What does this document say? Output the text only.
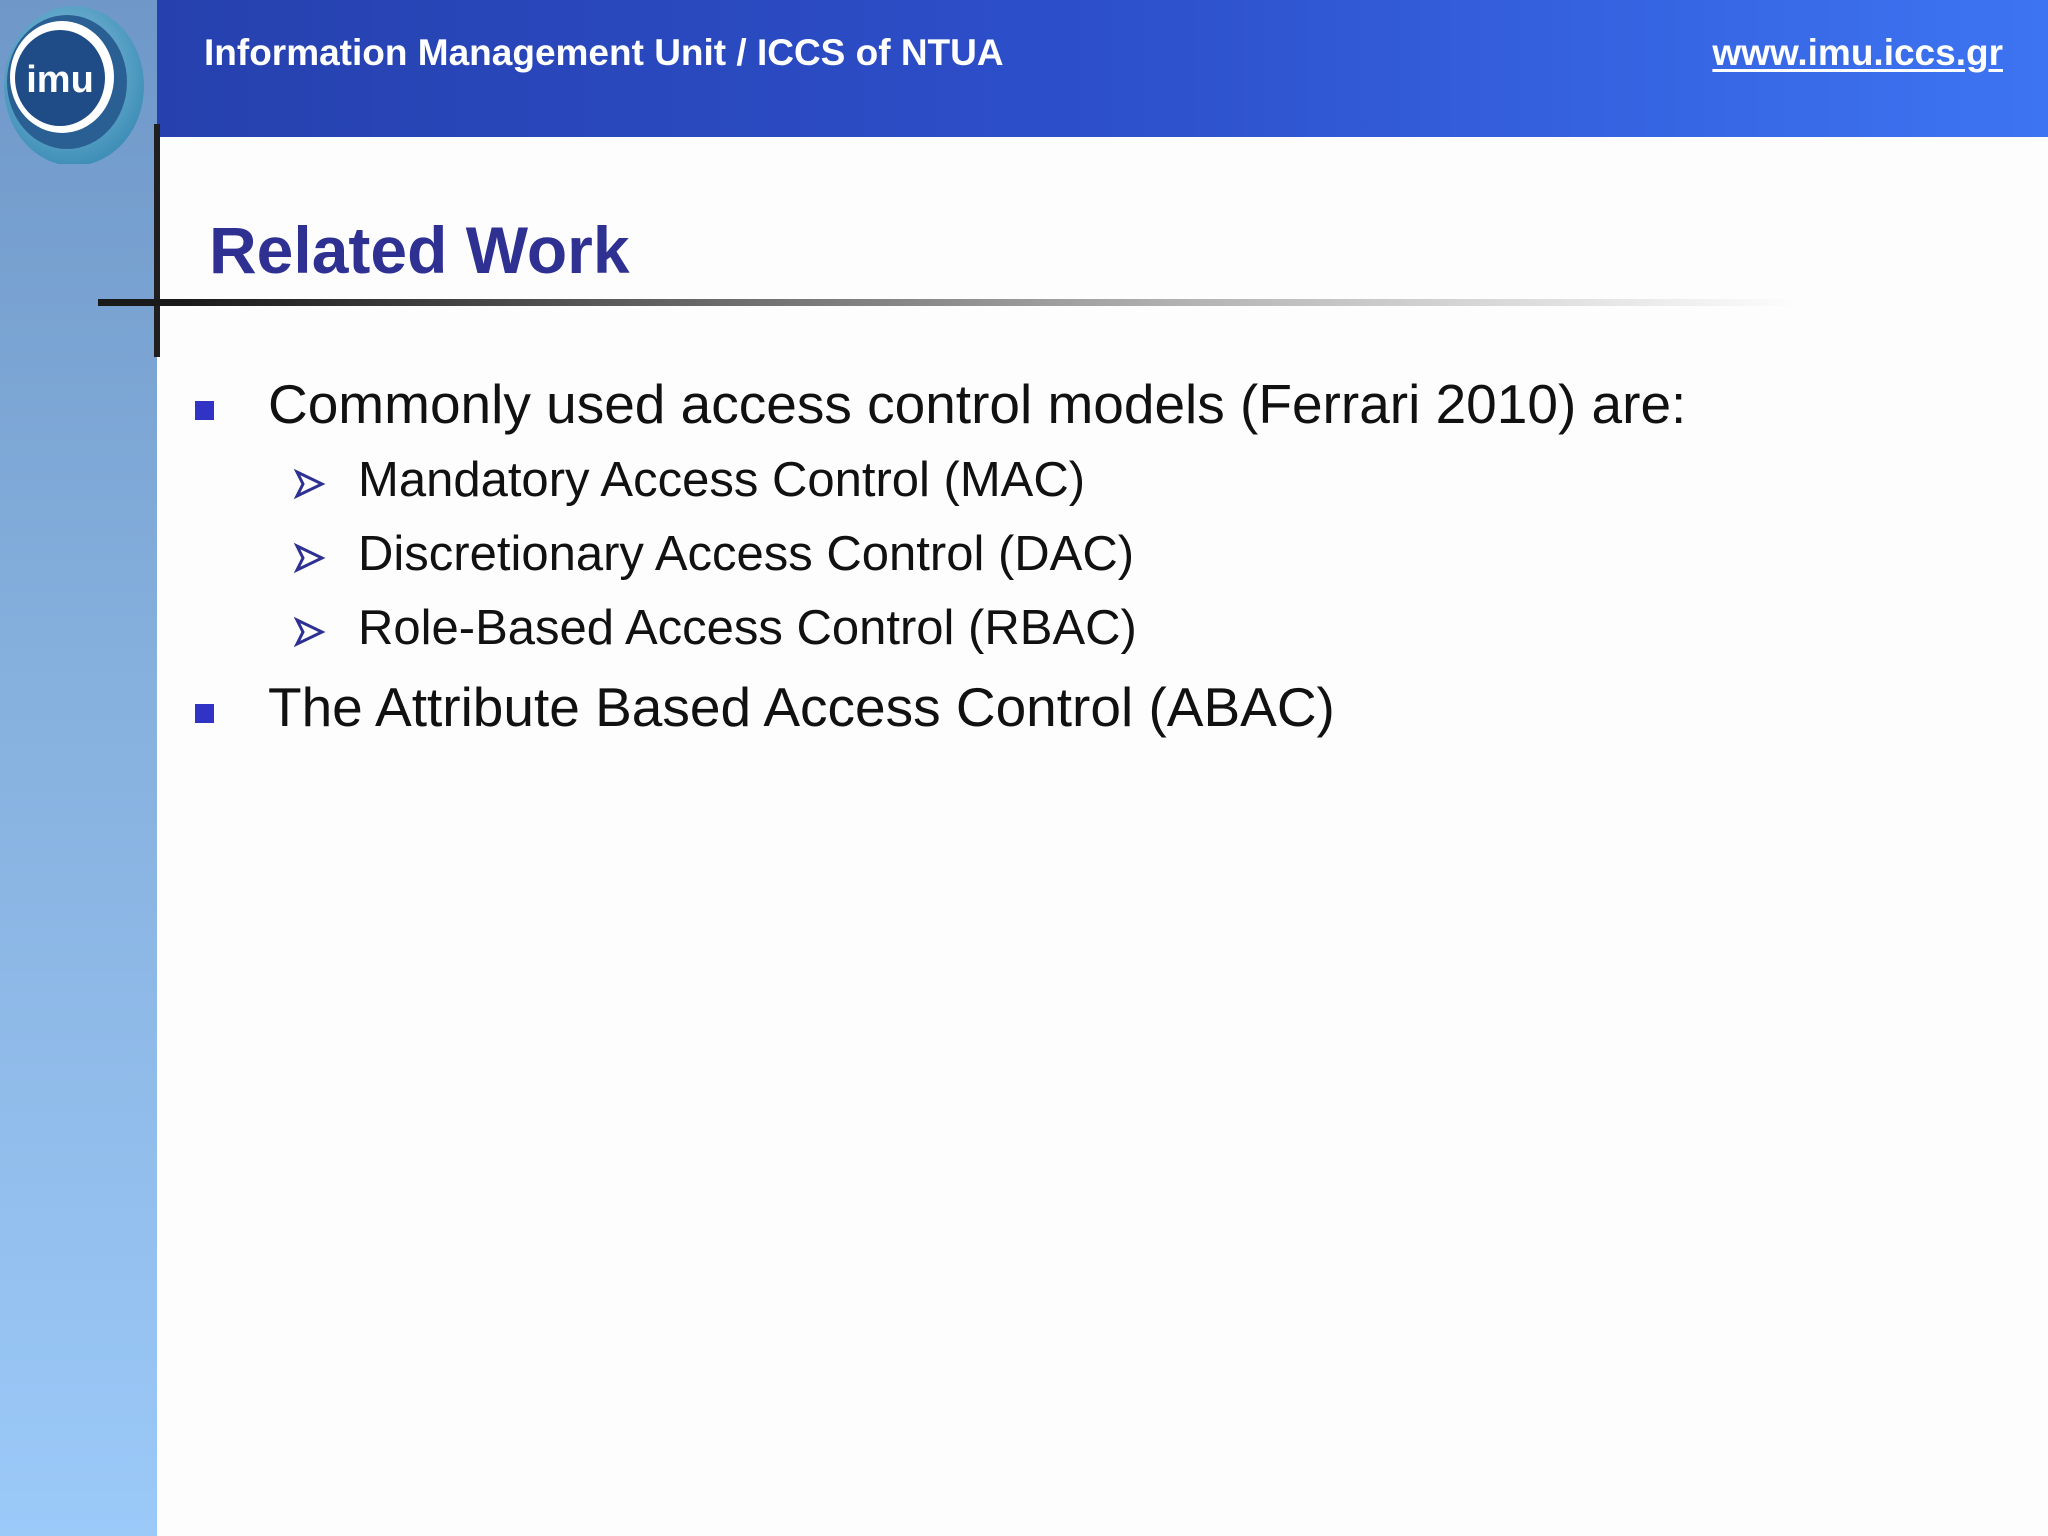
imu
Information Management Unit / ICCS of NTUA	www.imu.iccs.gr
Related Work
Commonly used access control models (Ferrari 2010) are:
Mandatory Access Control (MAC)
Discretionary Access Control (DAC)
Role-Based Access Control (RBAC)
The Attribute Based Access Control (ABAC)
